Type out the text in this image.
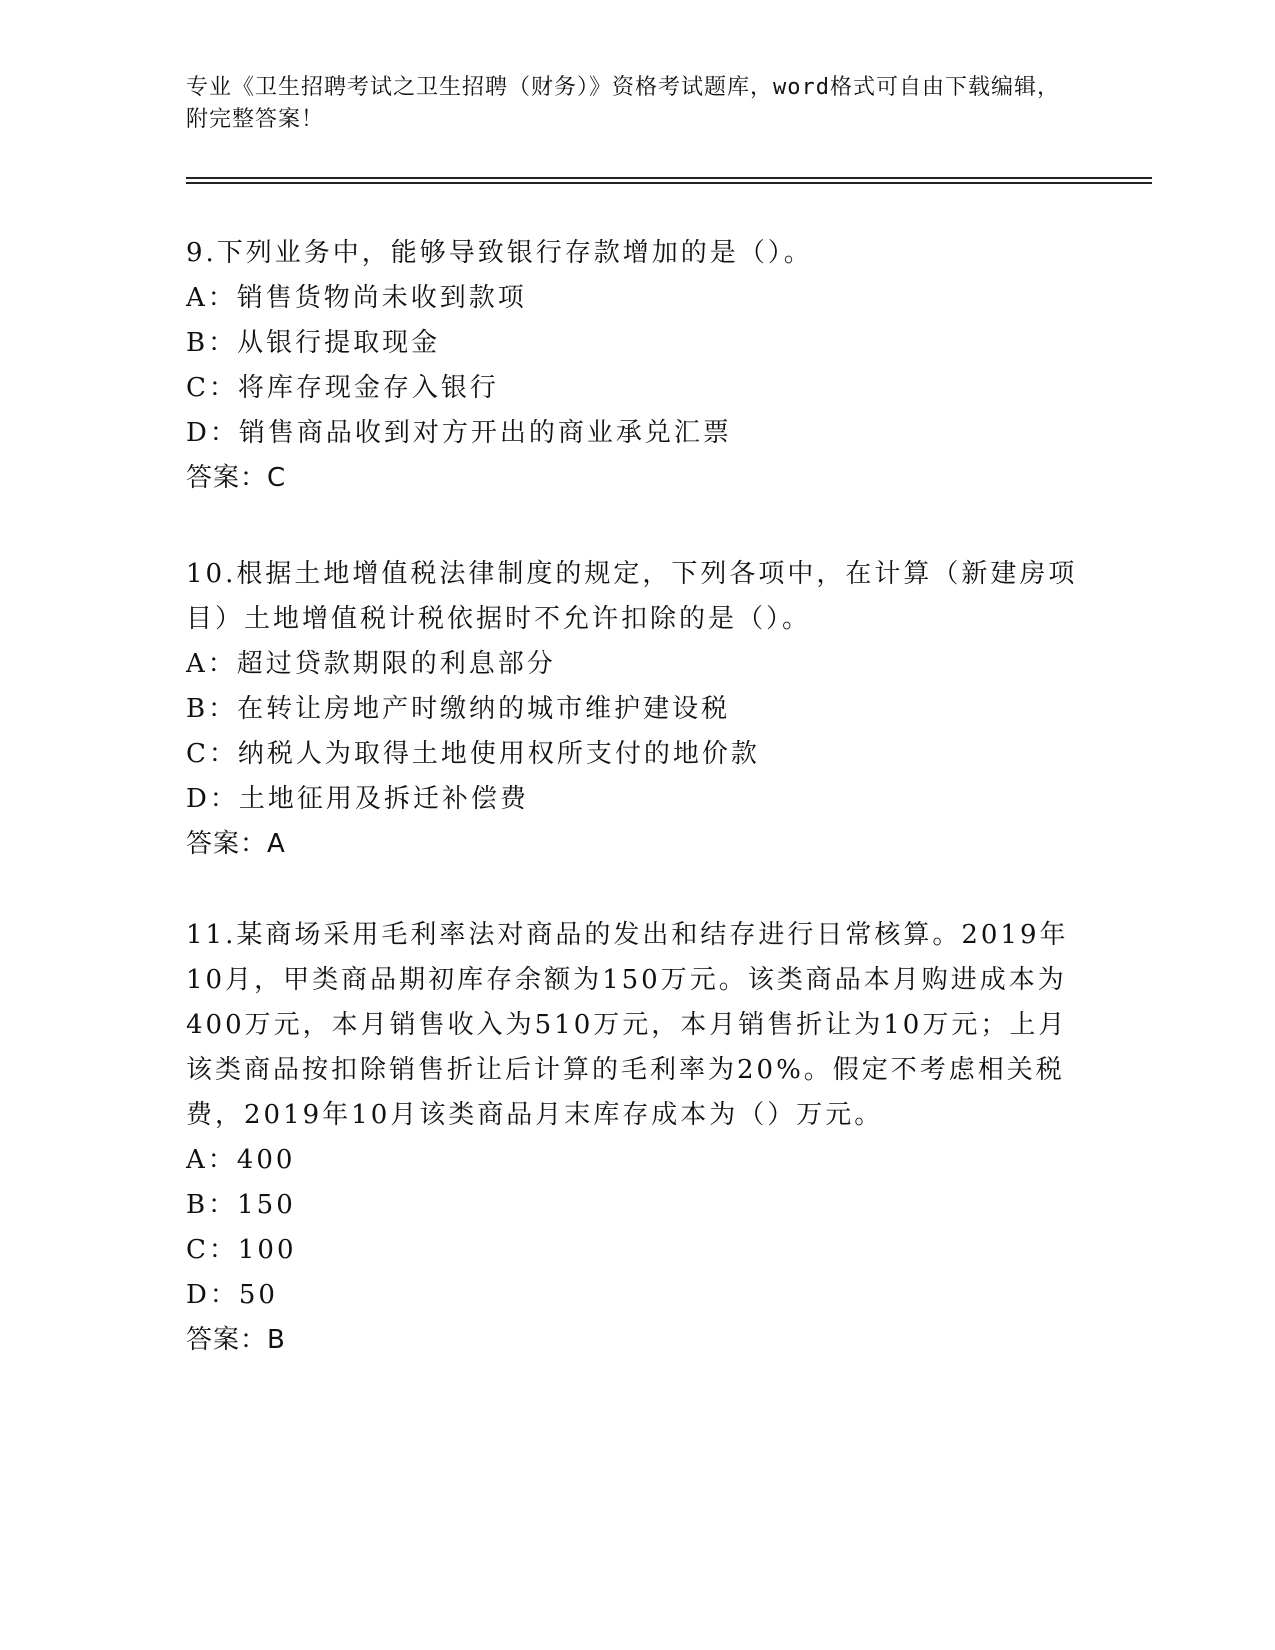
专业《卫生招聘考试之卫生招聘（财务）》资格考试题库，word格式可自由下载编辑，附完整答案！

9.下列业务中，能够导致银行存款增加的是（）。

A：销售货物尚未收到款项

B：从银行提取现金

C：将库存现金存入银行

D：销售商品收到对方开出的商业承兑汇票

答案：C

10.根据土地增值税法律制度的规定，下列各项中，在计算（新建房项目）土地增值税计税依据时不允许扣除的是（）。

A：超过贷款期限的利息部分

B：在转让房地产时缴纳的城市维护建设税

C：纳税人为取得土地使用权所支付的地价款

D：土地征用及拆迁补偿费

答案：A

11.某商场采用毛利率法对商品的发出和结存进行日常核算。2019年10月，甲类商品期初库存余额为150万元。该类商品本月购进成本为400万元，本月销售收入为510万元，本月销售折让为10万元；上月该类商品按扣除销售折让后计算的毛利率为20%。假定不考虑相关税费，2019年10月该类商品月末库存成本为（）万元。

A：400

B：150

C：100

D：50

答案：B
